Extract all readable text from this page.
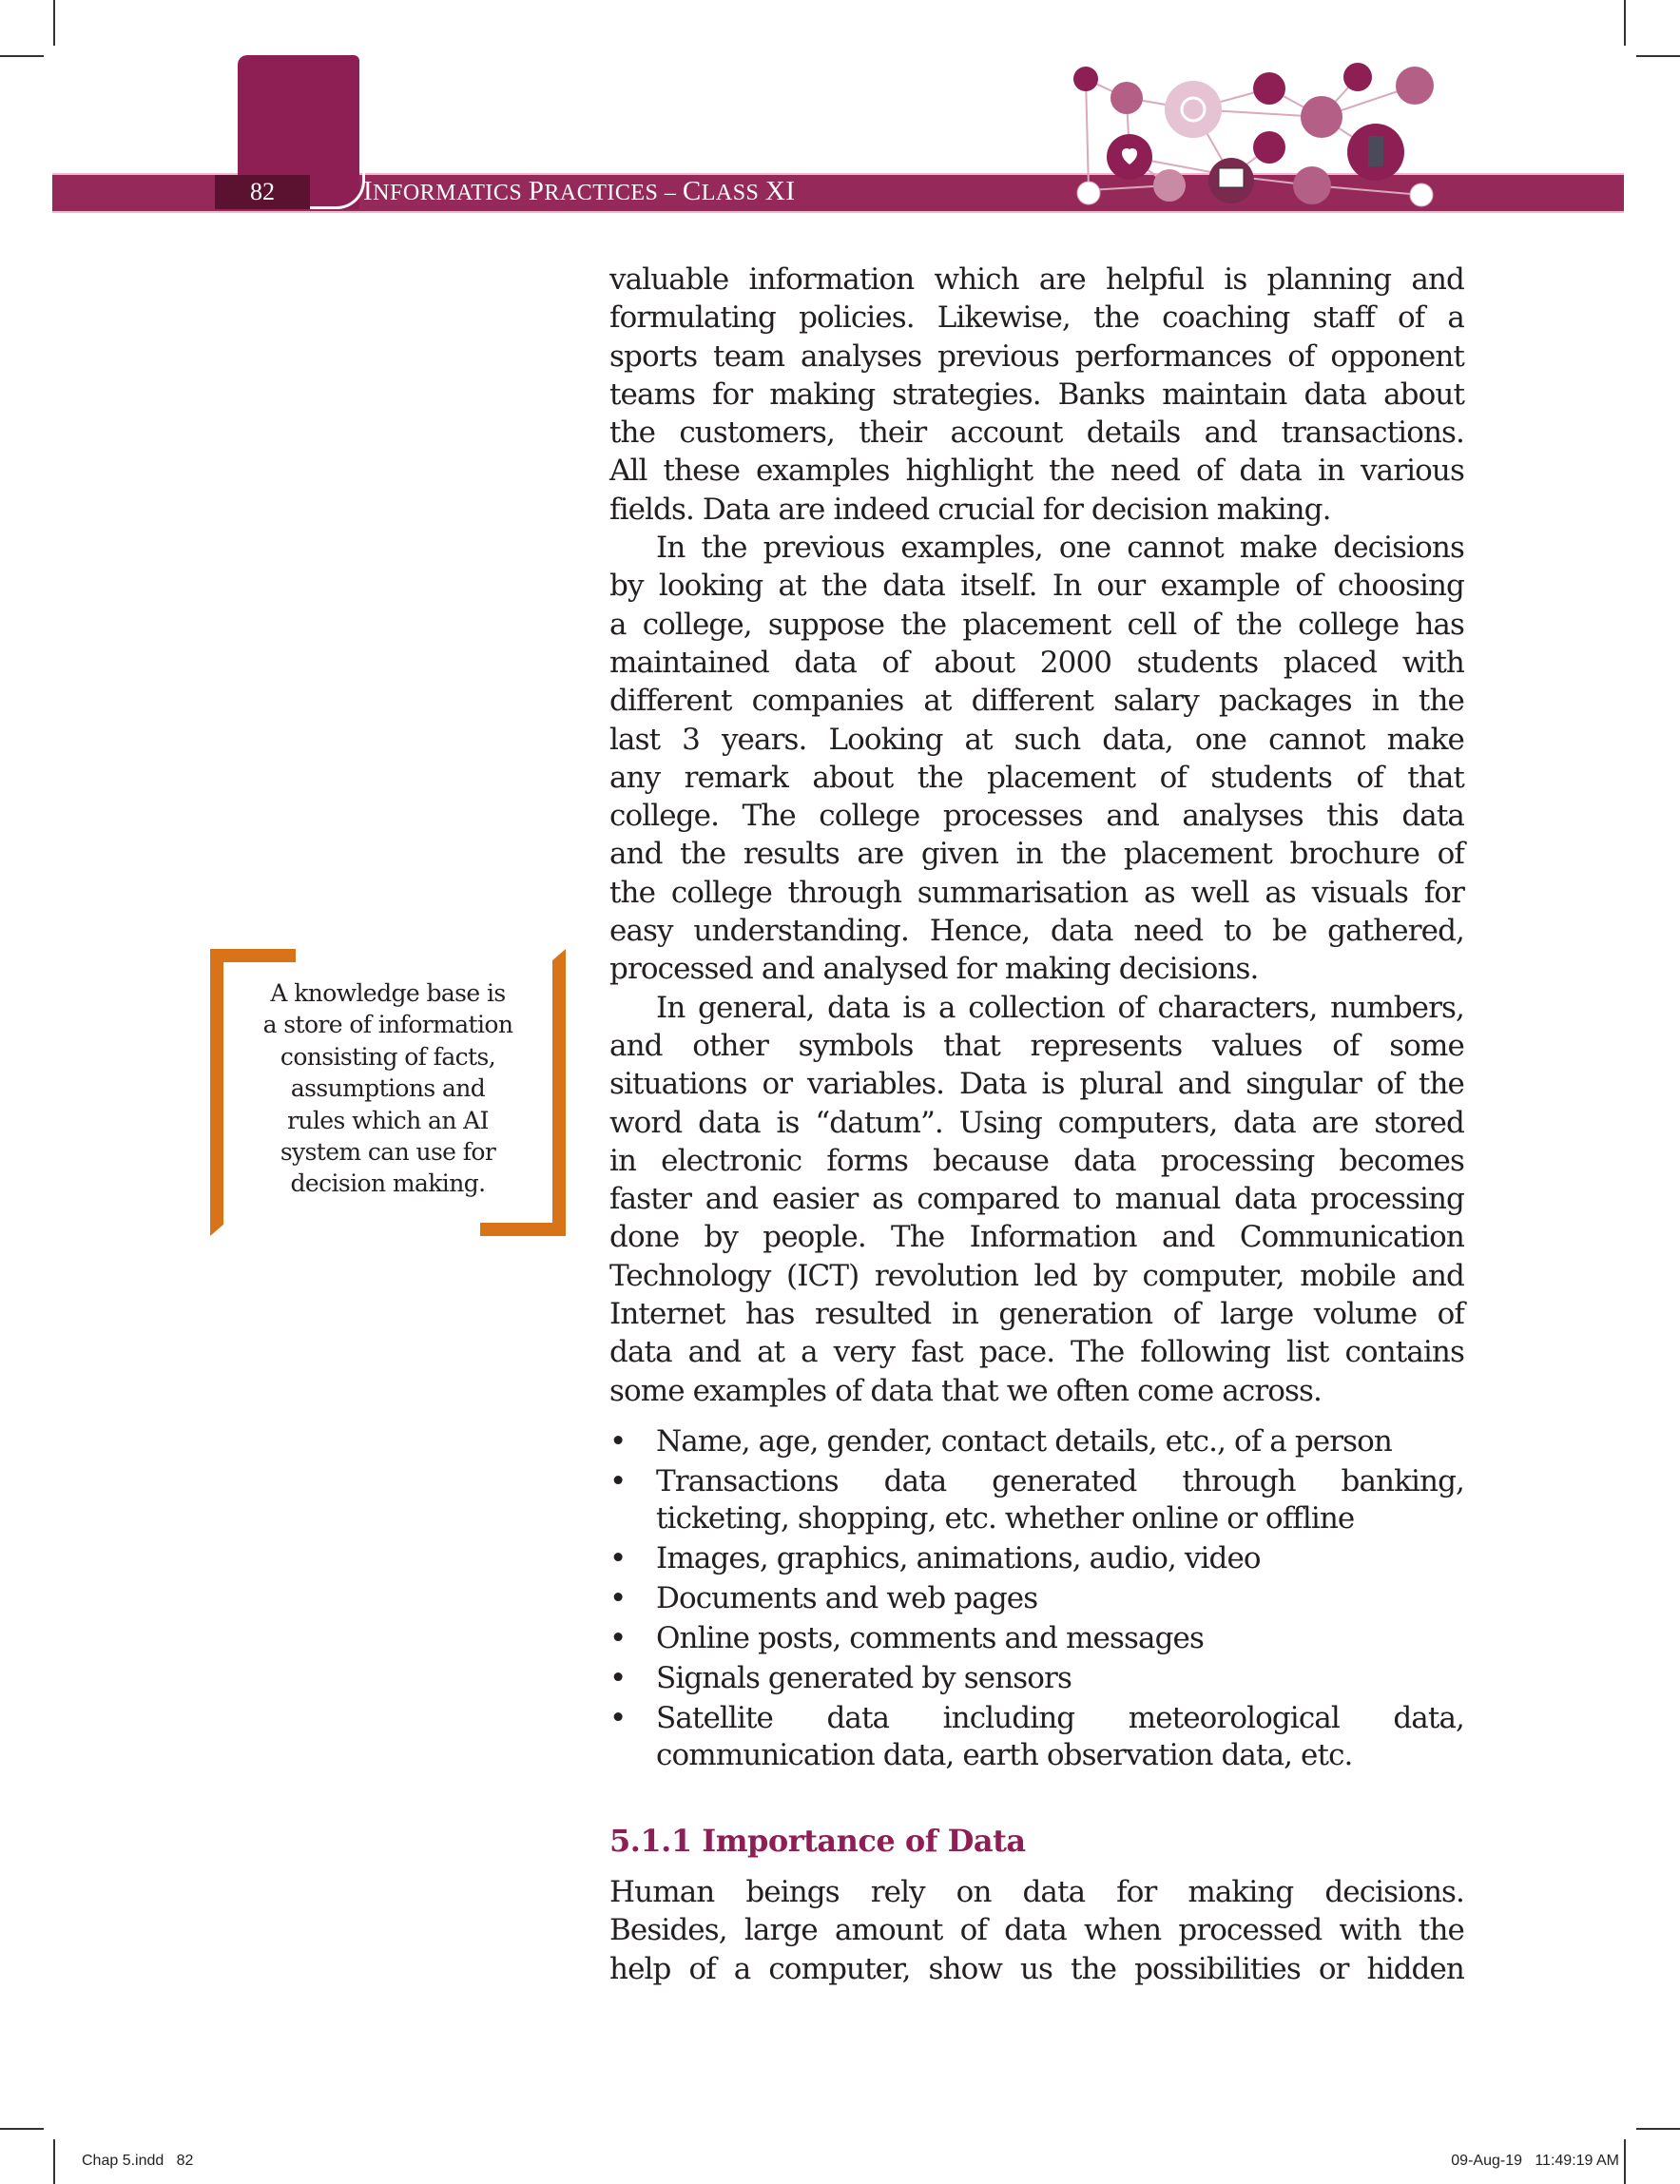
82	INFORMATICS PRACTICES – CLASS XI
A knowledge base is
a store of information
consisting of facts,
assumptions and
rules which an AI
system can use for
decision making.
valuable information which are helpful is planning and
formulating policies. Likewise, the coaching staff of a
sports team analyses previous performances of opponent
teams for making strategies. Banks maintain data about
the customers, their account details and transactions.
All these examples highlight the need of data in various
fields. Data are indeed crucial for decision making.
In the previous examples, one cannot make decisions
by looking at the data itself. In our example of choosing
a college, suppose the placement cell of the college has
maintained data of about 2000 students placed with
different companies at different salary packages in the
last 3 years. Looking at such data, one cannot make
any remark about the placement of students of that
college. The college processes and analyses this data
and the results are given in the placement brochure of
the college through summarisation as well as visuals for
easy understanding. Hence, data need to be gathered,
processed and analysed for making decisions.
In general, data is a collection of characters, numbers,
and other symbols that represents values of some
situations or variables. Data is plural and singular of the
word data is “datum”. Using computers, data are stored
in electronic forms because data processing becomes
faster and easier as compared to manual data processing
done by people. The Information and Communication
Technology (ICT) revolution led by computer, mobile and
Internet has resulted in generation of large volume of
data and at a very fast pace. The following list contains
some examples of data that we often come across.
• Name, age, gender, contact details, etc., of a person
• Transactions data generated through banking,
ticketing, shopping, etc. whether online or offline
• Images, graphics, animations, audio, video
• Documents and web pages
• Online posts, comments and messages
• Signals generated by sensors
• Satellite data including meteorological data,
communication data, earth observation data, etc.
5.1.1 Importance of Data
Human beings rely on data for making decisions.
Besides, large amount of data when processed with the
help of a computer, show us the possibilities or hidden
Chap 5.indd   82	09-Aug-19   11:49:19 AM
